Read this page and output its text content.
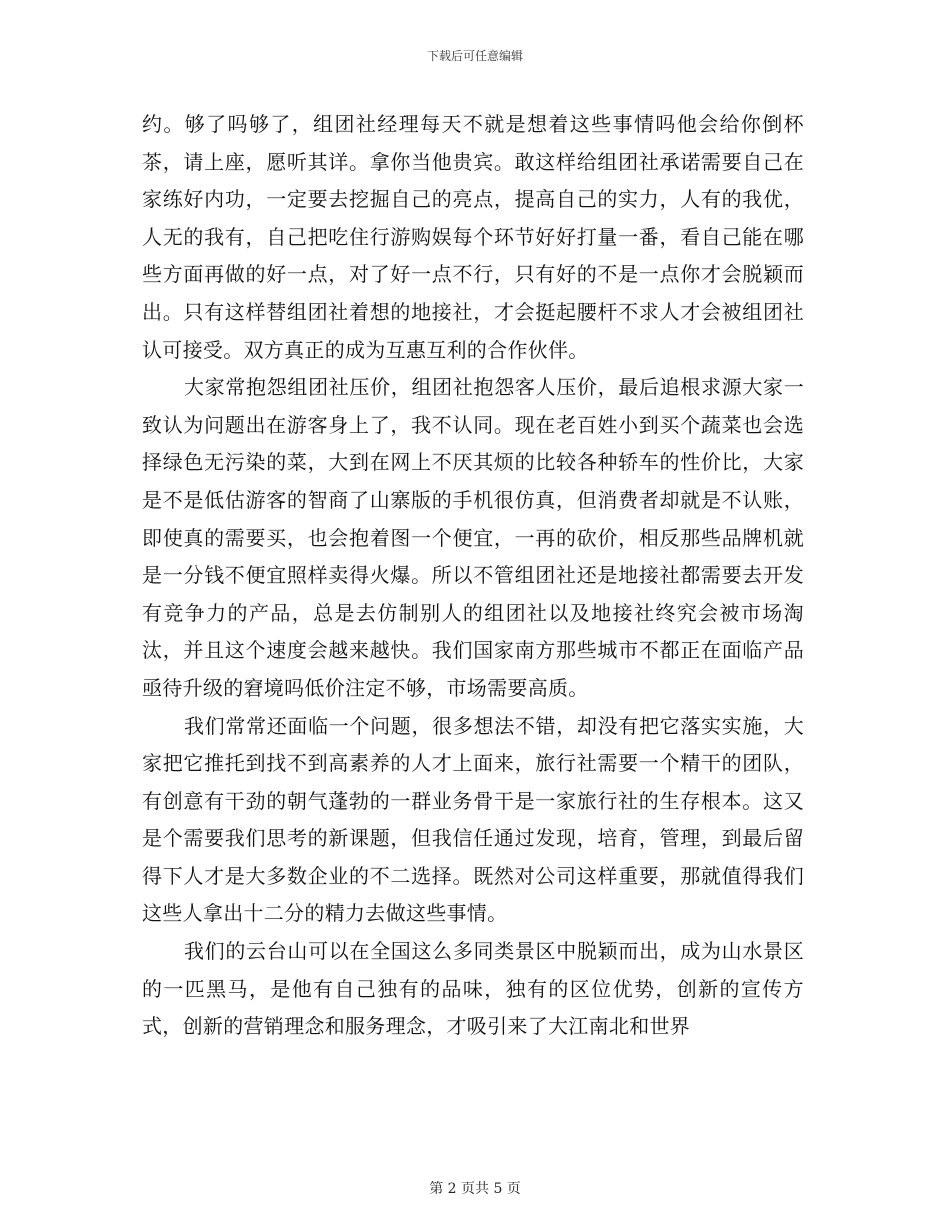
下载后可任意编辑

约。够了吗够了，组团社经理每天不就是想着这些事情吗他会给你倒杯茶，请上座，愿听其详。拿你当他贵宾。敢这样给组团社承诺需要自己在家练好内功，一定要去挖掘自己的亮点，提高自己的实力，人有的我优，人无的我有，自己把吃住行游购娱每个环节好好打量一番，看自己能在哪些方面再做的好一点，对了好一点不行，只有好的不是一点你才会脱颖而出。只有这样替组团社着想的地接社，才会挺起腰杆不求人才会被组团社认可接受。双方真正的成为互惠互利的合作伙伴。

大家常抱怨组团社压价，组团社抱怨客人压价，最后追根求源大家一致认为问题出在游客身上了，我不认同。现在老百姓小到买个蔬菜也会选择绿色无污染的菜，大到在网上不厌其烦的比较各种轿车的性价比，大家是不是低估游客的智商了山寨版的手机很仿真，但消费者却就是不认账，即使真的需要买，也会抱着图一个便宜，一再的砍价，相反那些品牌机就是一分钱不便宜照样卖得火爆。所以不管组团社还是地接社都需要去开发有竞争力的产品，总是去仿制别人的组团社以及地接社终究会被市场淘汰，并且这个速度会越来越快。我们国家南方那些城市不都正在面临产品亟待升级的窘境吗低价注定不够，市场需要高质。

我们常常还面临一个问题，很多想法不错，却没有把它落实实施，大家把它推托到找不到高素养的人才上面来，旅行社需要一个精干的团队，有创意有干劲的朝气蓬勃的一群业务骨干是一家旅行社的生存根本。这又是个需要我们思考的新课题，但我信任通过发现，培育，管理，到最后留得下人才是大多数企业的不二选择。既然对公司这样重要，那就值得我们这些人拿出十二分的精力去做这些事情。

我们的云台山可以在全国这么多同类景区中脱颖而出，成为山水景区的一匹黑马，是他有自己独有的品味，独有的区位优势，创新的宣传方式，创新的营销理念和服务理念，才吸引来了大江南北和世界

第 2 页共 5 页
